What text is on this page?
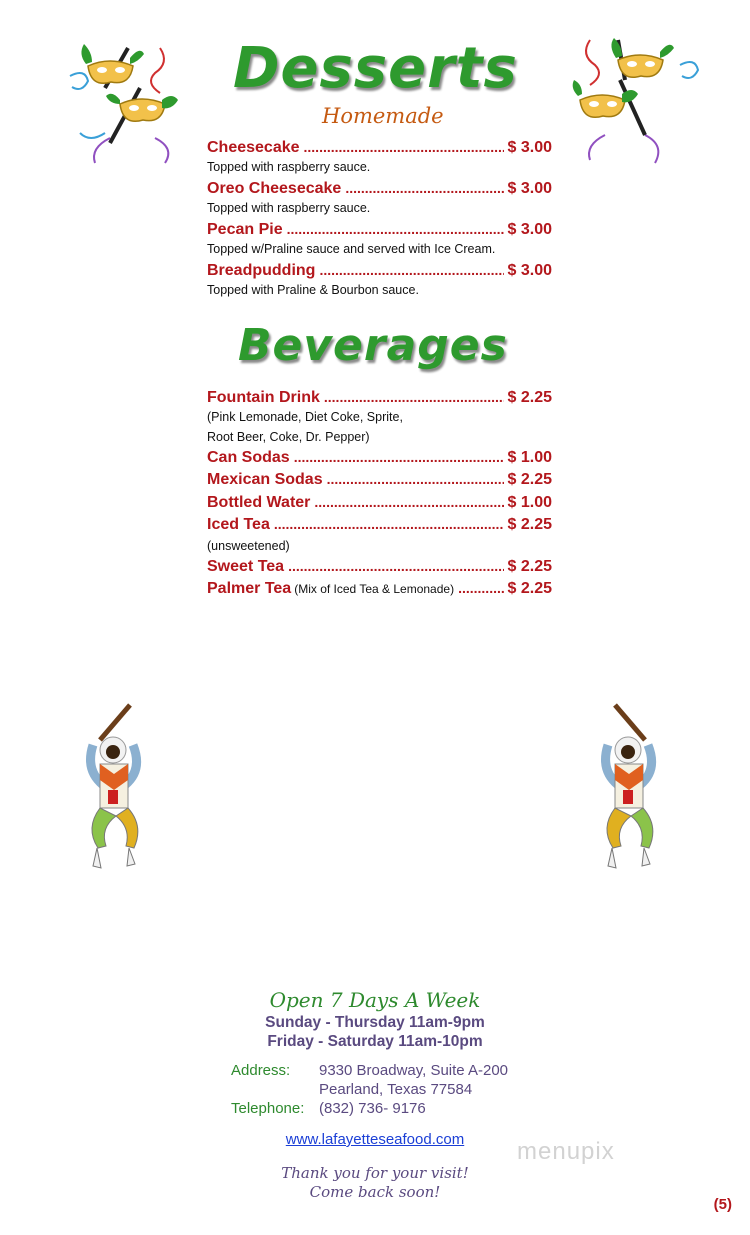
Desserts
Homemade
Cheesecake .....	$ 3.00
Topped with raspberry sauce.
Oreo Cheesecake .....	$ 3.00
Topped with raspberry sauce.
Pecan Pie .....	$ 3.00
Topped w/Praline sauce and served with Ice Cream.
Breadpudding .....	$ 3.00
Topped with Praline & Bourbon sauce.
Beverages
Fountain Drink .....	$ 2.25
(Pink Lemonade, Diet Coke, Sprite,
Root Beer, Coke, Dr. Pepper)
Can Sodas .....	$ 1.00
Mexican Sodas .....	$ 2.25
Bottled Water .....	$ 1.00
Iced Tea .....	$ 2.25
(unsweetened)
Sweet Tea .....	$ 2.25
Palmer Tea (Mix of Iced Tea & Lemonade) .....	$ 2.25
Open 7 Days A Week
Sunday - Thursday 11am-9pm
Friday - Saturday 11am-10pm
Address: 9330 Broadway, Suite A-200
Pearland, Texas 77584
Telephone: (832) 736- 9176
www.lafayetteseafood.com	menupix
Thank you for your visit!
Come back soon!
(5)
